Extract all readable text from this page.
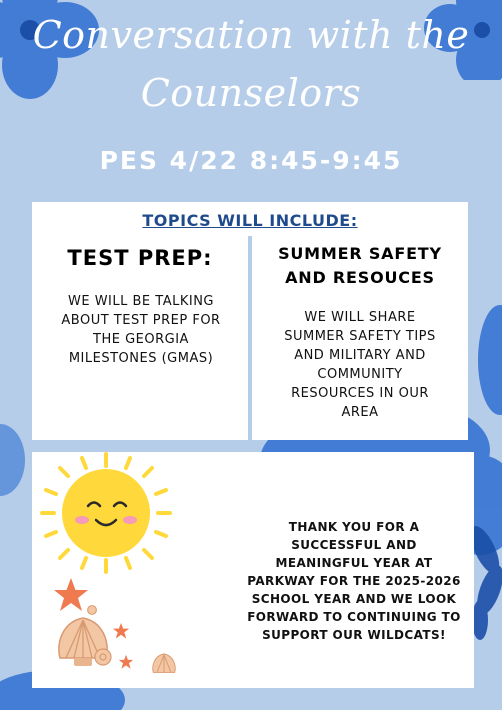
Conversation with the
Counselors
PES 4/22 8:45-9:45
TOPICS WILL INCLUDE:
TEST PREP:
WE WILL BE TALKING
ABOUT TEST PREP FOR
THE GEORGIA
MILESTONES (GMAS)
SUMMER SAFETY
AND RESOUCES
WE WILL SHARE
SUMMER SAFETY TIPS
AND MILITARY AND
COMMUNITY
RESOURCES IN OUR
AREA
THANK YOU FOR A
SUCCESSFUL AND
MEANINGFUL YEAR AT
PARKWAY FOR THE 2025-2026
SCHOOL YEAR AND WE LOOK
FORWARD TO CONTINUING TO
SUPPORT OUR WILDCATS!
